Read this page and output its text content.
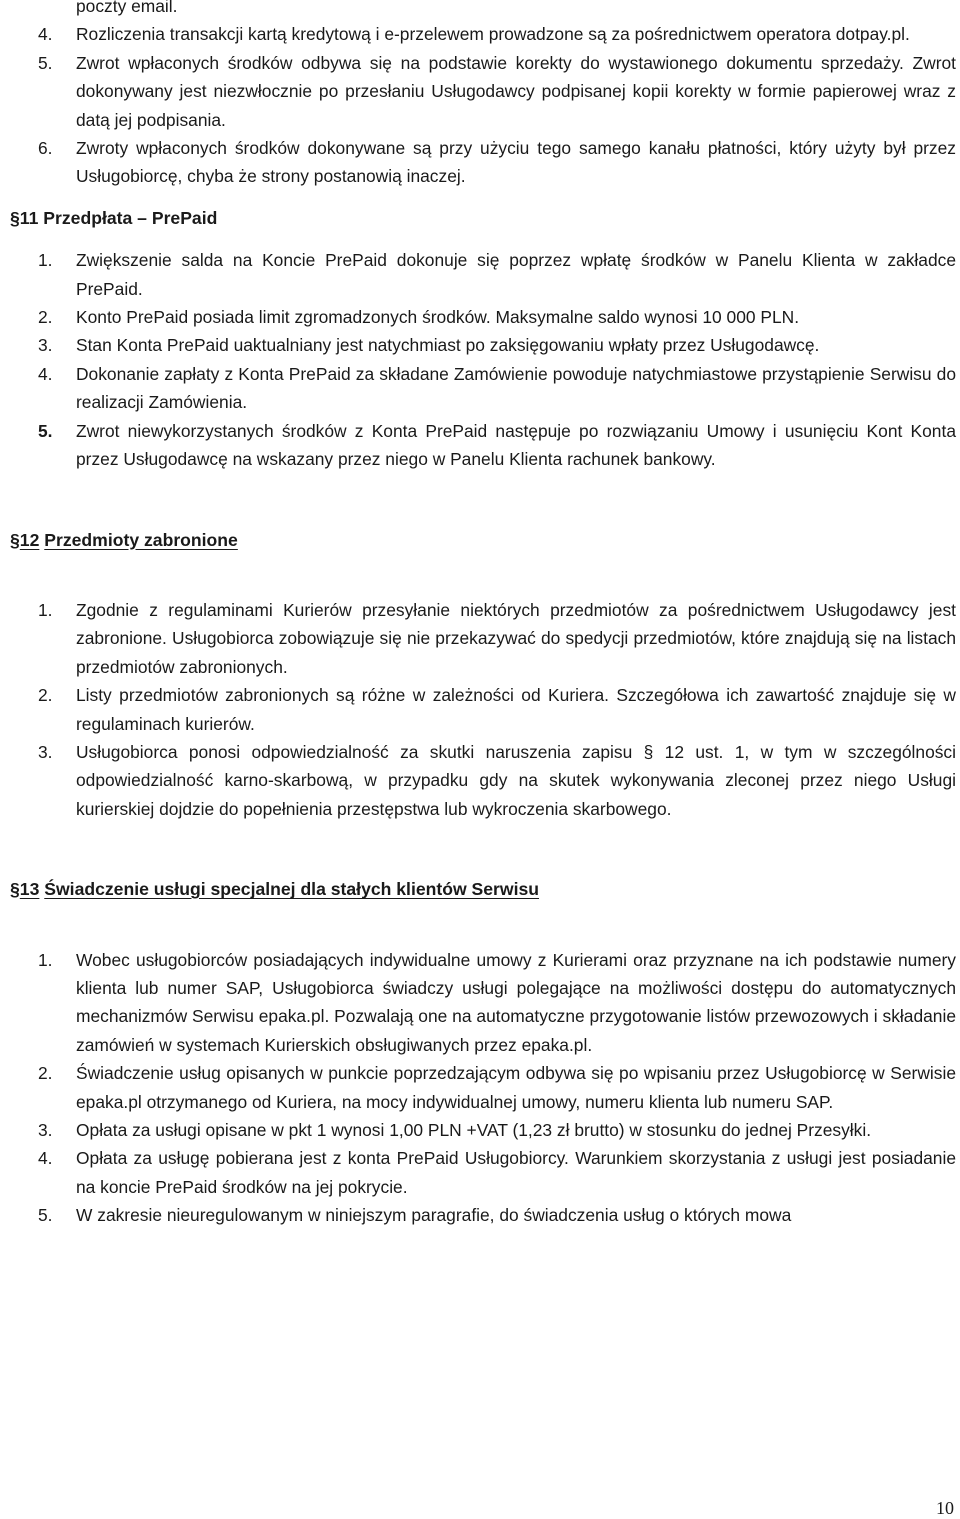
poczty email.
4.	Rozliczenia transakcji kartą kredytową i e-przelewem prowadzone są za pośrednictwem operatora dotpay.pl.
5.	Zwrot wpłaconych środków odbywa się na podstawie korekty do wystawionego dokumentu sprzedaży. Zwrot dokonywany jest niezwłocznie po przesłaniu Usługodawcy podpisanej kopii korekty w formie papierowej wraz z datą jej podpisania.
6.	Zwroty wpłaconych środków dokonywane są przy użyciu tego samego kanału płatności, który użyty był przez Usługobiorcę, chyba że strony postanowią inaczej.
§11 Przedpłata – PrePaid
1.	Zwiększenie salda na Koncie PrePaid dokonuje się poprzez wpłatę środków w Panelu Klienta w zakładce PrePaid.
2.	Konto PrePaid posiada limit zgromadzonych środków. Maksymalne saldo wynosi 10 000 PLN.
3.	Stan Konta PrePaid uaktualniany jest natychmiast po zaksięgowaniu wpłaty przez Usługodawcę.
4.	Dokonanie zapłaty z Konta PrePaid za składane Zamówienie powoduje natychmiastowe przystąpienie Serwisu do realizacji Zamówienia.
5.	Zwrot niewykorzystanych środków z Konta PrePaid następuje po rozwiązaniu Umowy i usunięciu Kont Konta przez Usługodawcę na wskazany przez niego w Panelu Klienta rachunek bankowy.
§12 Przedmioty zabronione
1.	Zgodnie z regulaminami Kurierów przesyłanie niektórych przedmiotów za pośrednictwem Usługodawcy jest zabronione. Usługobiorca zobowiązuje się nie przekazywać do spedycji przedmiotów, które znajdują się na listach przedmiotów zabronionych.
2.	Listy przedmiotów zabronionych są różne w zależności od Kuriera. Szczegółowa ich zawartość znajduje się w regulaminach kurierów.
3.	Usługobiorca ponosi odpowiedzialność za skutki naruszenia zapisu § 12 ust. 1, w tym w szczególności odpowiedzialność karno-skarbową, w przypadku gdy na skutek wykonywania zleconej przez niego Usługi kurierskiej dojdzie do popełnienia przestępstwa lub wykroczenia skarbowego.
§13 Świadczenie usługi specjalnej dla stałych klientów Serwisu
1.	Wobec usługobiorców posiadających indywidualne umowy z Kurierami oraz przyznane na ich podstawie numery klienta lub numer SAP, Usługobiorca świadczy usługi polegające na możliwości dostępu do automatycznych mechanizmów Serwisu epaka.pl. Pozwalają one na automatyczne przygotowanie listów przewozowych i składanie zamówień w systemach Kurierskich obsługiwanych przez epaka.pl.
2.	Świadczenie usług opisanych w punkcie poprzedzającym odbywa się po wpisaniu przez Usługobiorcę w Serwisie epaka.pl otrzymanego od Kuriera, na mocy indywidualnej umowy, numeru klienta lub numeru SAP.
3.	Opłata za usługi opisane w pkt 1 wynosi 1,00 PLN +VAT (1,23 zł brutto) w stosunku do jednej Przesyłki.
4.	Opłata za usługę pobierana jest z konta PrePaid Usługobiorcy. Warunkiem skorzystania z usługi jest posiadanie na koncie PrePaid środków na jej pokrycie.
5.	W zakresie nieuregulowanym w niniejszym paragrafie, do świadczenia usług o których mowa
10
